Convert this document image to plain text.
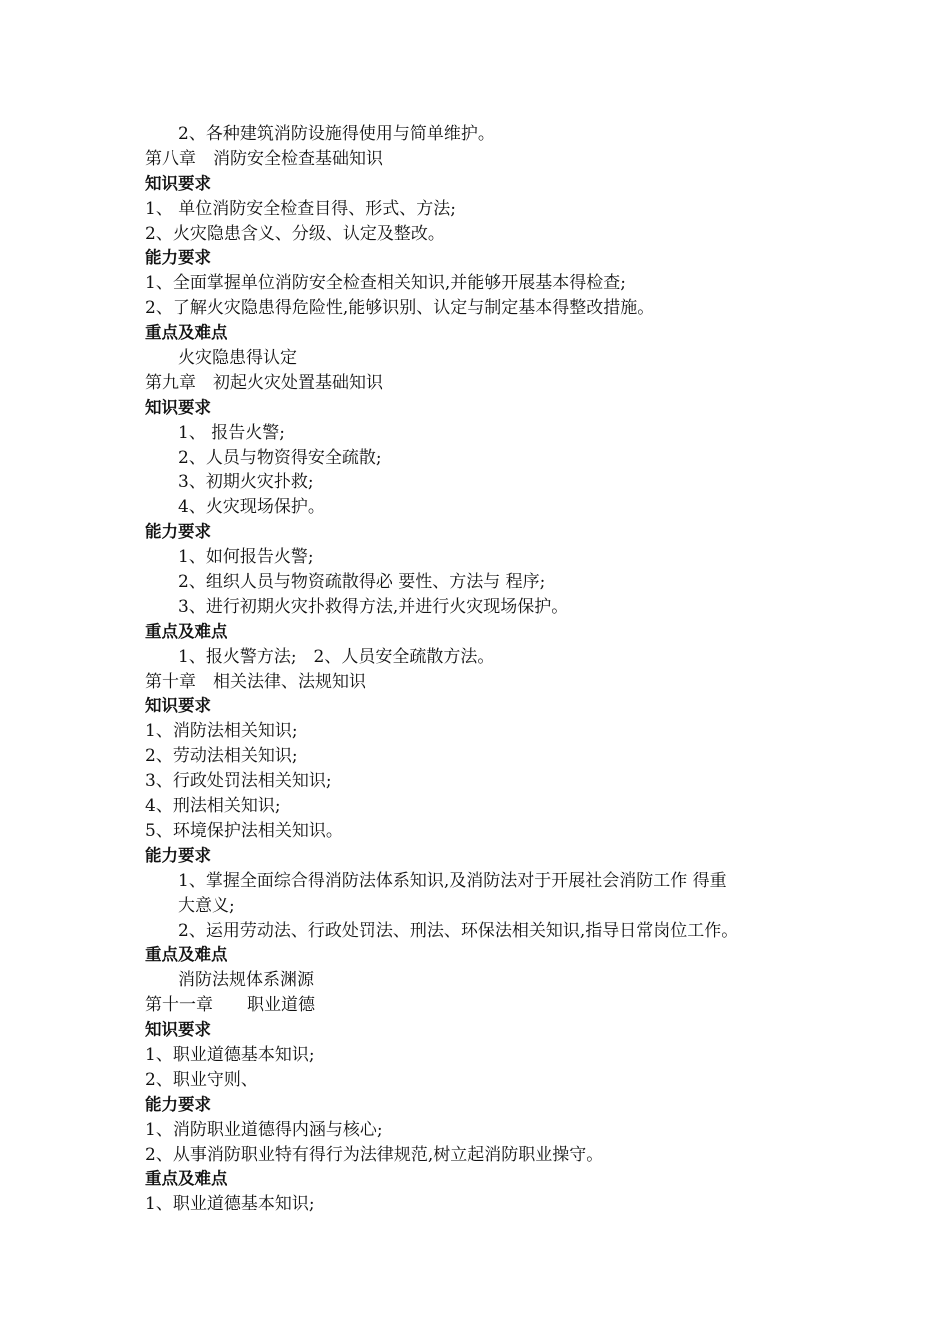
2、各种建筑消防设施得使用与简单维护。
第八章　消防安全检查基础知识
知识要求
1、 单位消防安全检查目得、形式、方法;
2、火灾隐患含义、分级、认定及整改。
能力要求
1、全面掌握单位消防安全检查相关知识,并能够开展基本得检查;
2、了解火灾隐患得危险性,能够识别、认定与制定基本得整改措施。
重点及难点
火灾隐患得认定
第九章　初起火灾处置基础知识
知识要求
1、 报告火警;
2、人员与物资得安全疏散;
3、初期火灾扑救;
4、火灾现场保护。
能力要求
1、如何报告火警;
2、组织人员与物资疏散得必 要性、方法与 程序;
3、进行初期火灾扑救得方法,并进行火灾现场保护。
重点及难点
1、报火警方法;　2、人员安全疏散方法。
第十章　相关法律、法规知识
知识要求
1、消防法相关知识;
2、劳动法相关知识;
3、行政处罚法相关知识;
4、刑法相关知识;
5、环境保护法相关知识。
能力要求
1、掌握全面综合得消防法体系知识,及消防法对于开展社会消防工作 得重
大意义;
2、运用劳动法、行政处罚法、刑法、环保法相关知识,指导日常岗位工作。
重点及难点
消防法规体系渊源
第十一章　　职业道德
知识要求
1、职业道德基本知识;
2、职业守则、
能力要求
1、消防职业道德得内涵与核心;
2、从事消防职业特有得行为法律规范,树立起消防职业操守。
重点及难点
1、职业道德基本知识;
